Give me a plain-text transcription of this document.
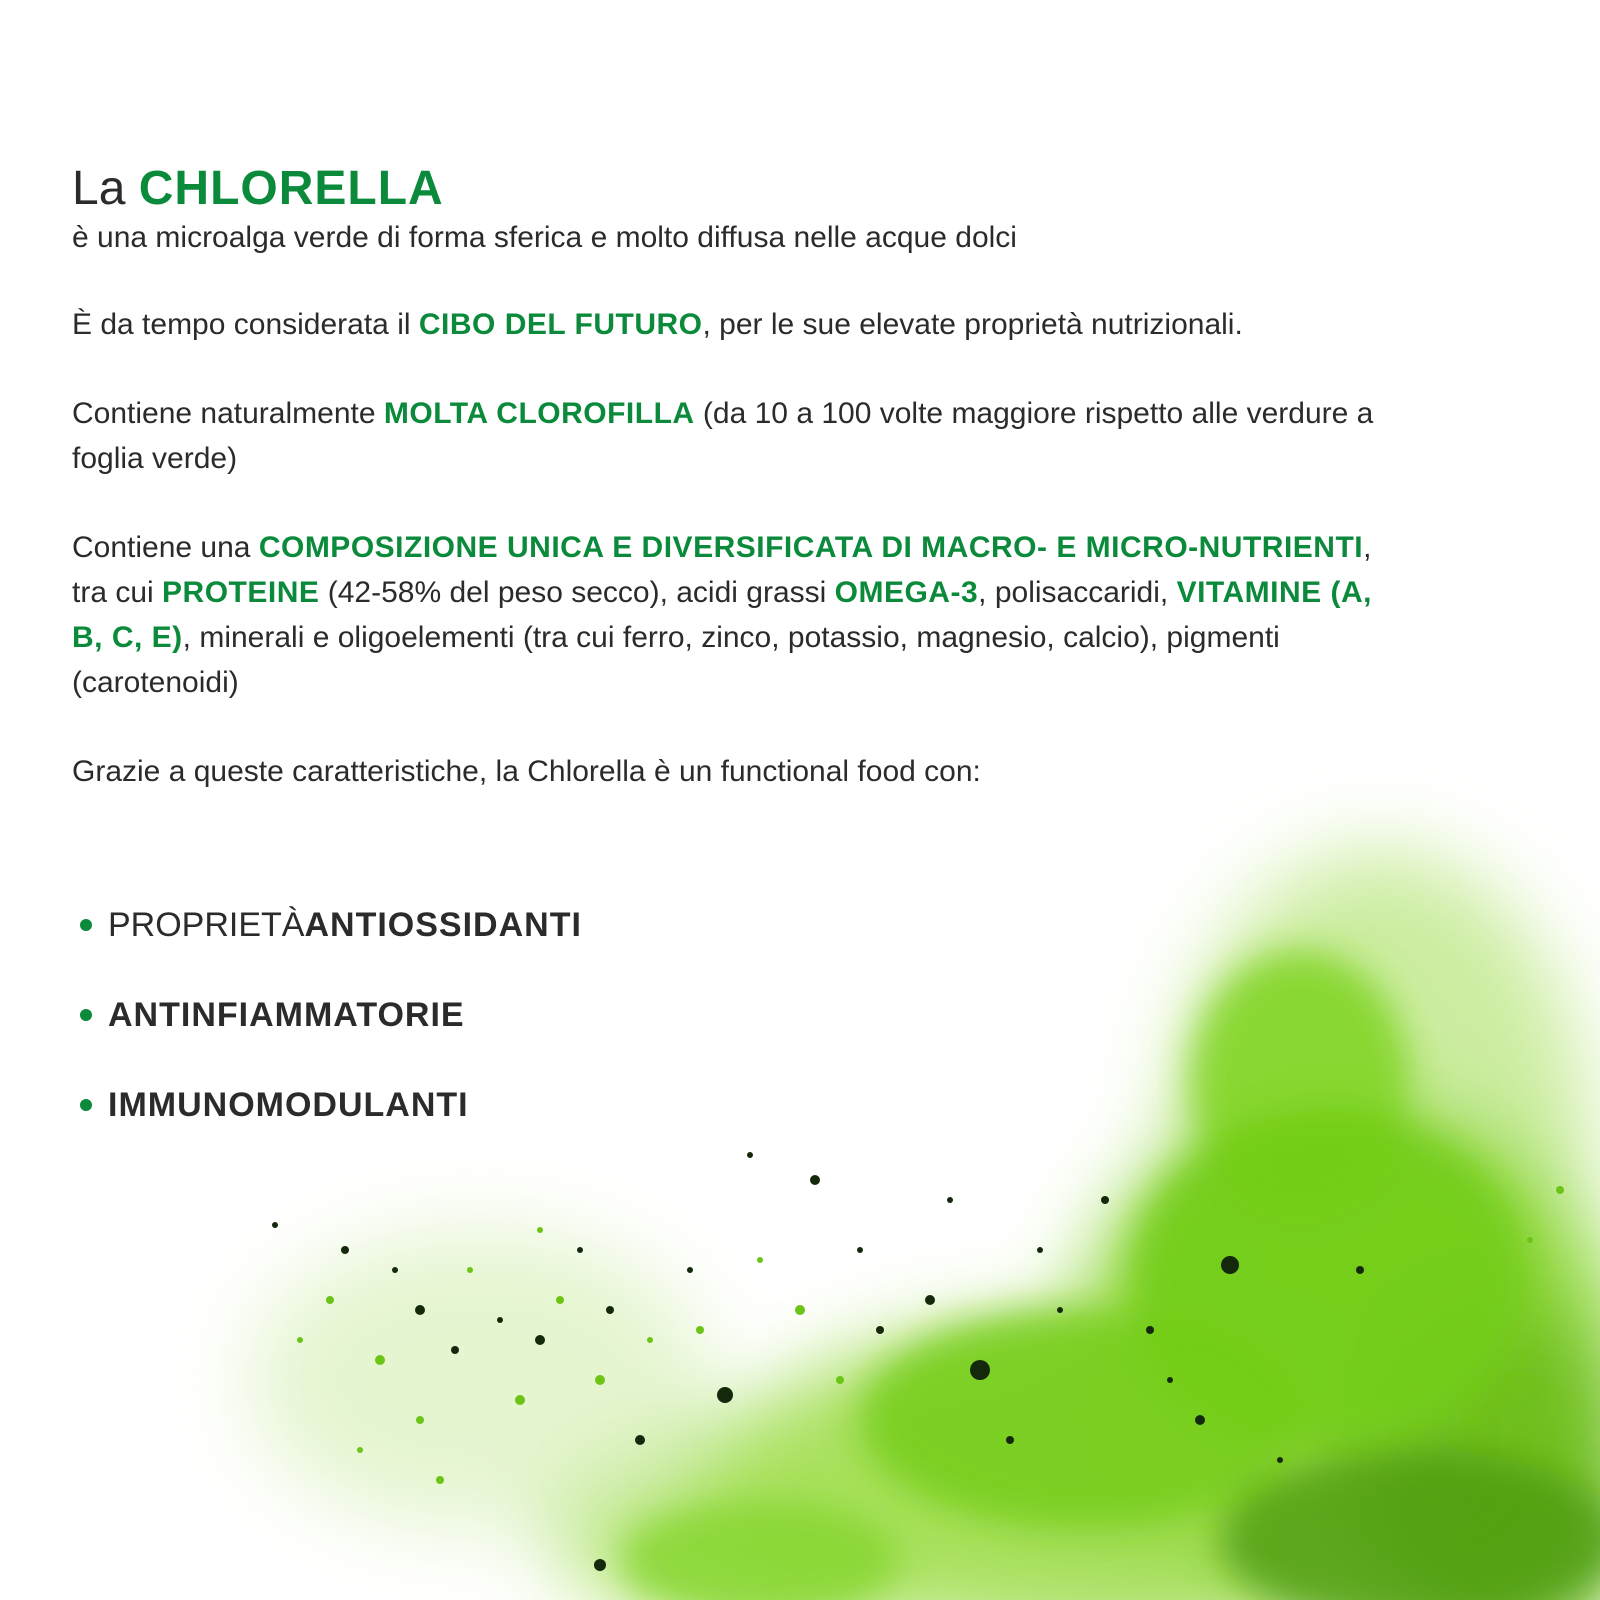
La CHLORELLA

è una microalga verde di forma sferica e molto diffusa nelle acque dolci

È da tempo considerata il CIBO DEL FUTURO, per le sue elevate proprietà nutrizionali.

Contiene naturalmente MOLTA CLOROFILLA (da 10 a 100 volte maggiore rispetto alle verdure a foglia verde)

Contiene una COMPOSIZIONE UNICA E DIVERSIFICATA DI MACRO- E MICRO-NUTRIENTI, tra cui PROTEINE (42-58% del peso secco), acidi grassi OMEGA-3, polisaccaridi, VITAMINE (A, B, C, E), minerali e oligoelementi (tra cui ferro, zinco, potassio, magnesio, calcio), pigmenti (carotenoidi)

Grazie a queste caratteristiche, la Chlorella è un functional food con:

PROPRIETÀ ANTIOSSIDANTI
ANTINFIAMMATORIE
IMMUNOMODULANTI
